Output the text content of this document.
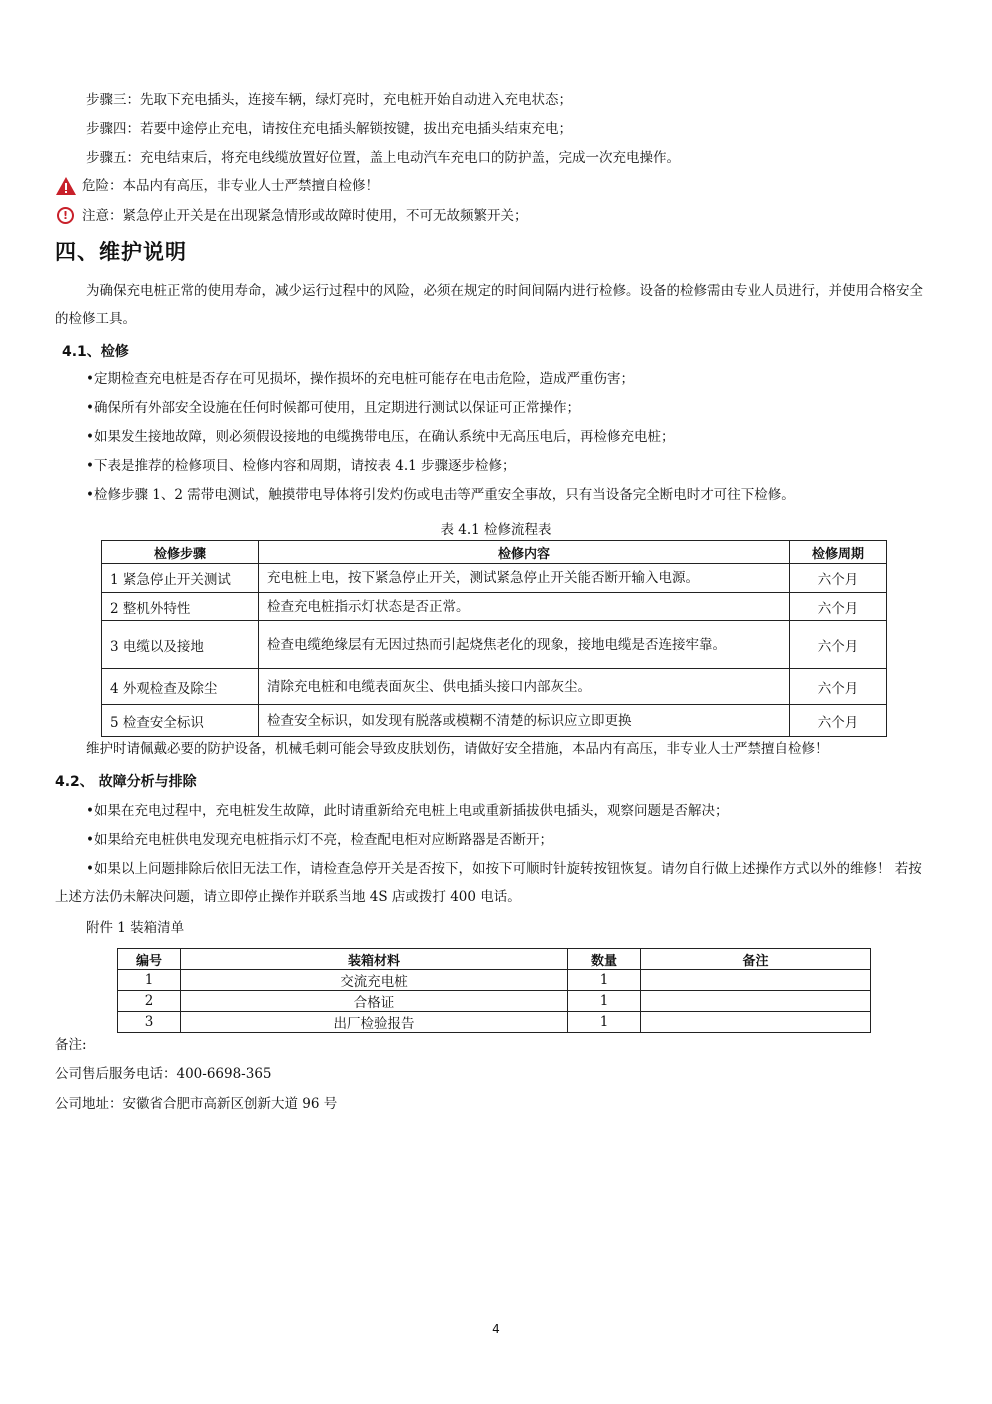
步骤三：先取下充电插头，连接车辆，绿灯亮时，充电桩开始自动进入充电状态；
步骤四：若要中途停止充电，请按住充电插头解锁按键，拔出充电插头结束充电；
步骤五：充电结束后，将充电线缆放置好位置，盖上电动汽车充电口的防护盖，完成一次充电操作。
危险：本品内有高压，非专业人士严禁擅自检修！
!	注意：紧急停止开关是在出现紧急情形或故障时使用，不可无故频繁开关；
四、维护说明
为确保充电桩正常的使用寿命，减少运行过程中的风险，必须在规定的时间间隔内进行检修。设备的检修需由专业人员进行，并使用合格安全的检修工具。
4.1、检修
•定期检查充电桩是否存在可见损坏，操作损坏的充电桩可能存在电击危险，造成严重伤害；
•确保所有外部安全设施在任何时候都可使用，且定期进行测试以保证可正常操作；
•如果发生接地故障，则必须假设接地的电缆携带电压，在确认系统中无高压电后，再检修充电桩；
•下表是推荐的检修项目、检修内容和周期，请按表 4.1 步骤逐步检修；
•检修步骤 1、2 需带电测试，触摸带电导体将引发灼伤或电击等严重安全事故，只有当设备完全断电时才可往下检修。
表 4.1 检修流程表
检修步骤	检修内容	检修周期
1 紧急停止开关测试	充电桩上电，按下紧急停止开关，测试紧急停止开关能否断开输入电源。	六个月
2 整机外特性	检查充电桩指示灯状态是否正常。	六个月
3 电缆以及接地	检查电缆绝缘层有无因过热而引起烧焦老化的现象，接地电缆是否连接牢靠。	六个月
4 外观检查及除尘	清除充电桩和电缆表面灰尘、供电插头接口内部灰尘。	六个月
5 检查安全标识	检查安全标识，如发现有脱落或模糊不清楚的标识应立即更换	六个月
维护时请佩戴必要的防护设备，机械毛刺可能会导致皮肤划伤，请做好安全措施，本品内有高压，非专业人士严禁擅自检修！
4.2、 故障分析与排除
•如果在充电过程中，充电桩发生故障，此时请重新给充电桩上电或重新插拔供电插头，观察问题是否解决；
•如果给充电桩供电发现充电桩指示灯不亮，检查配电柜对应断路器是否断开；
•如果以上问题排除后依旧无法工作，请检查急停开关是否按下，如按下可顺时针旋转按钮恢复。请勿自行做上述操作方式以外的维修！ 若按上述方法仍未解决问题，请立即停止操作并联系当地 4S 店或拨打 400 电话。
附件 1 装箱清单
编号	装箱材料	数量	备注
1	交流充电桩	1	
2	合格证	1	
3	出厂检验报告	1	
备注:
公司售后服务电话：400-6698-365
公司地址：安徽省合肥市高新区创新大道 96 号
4
